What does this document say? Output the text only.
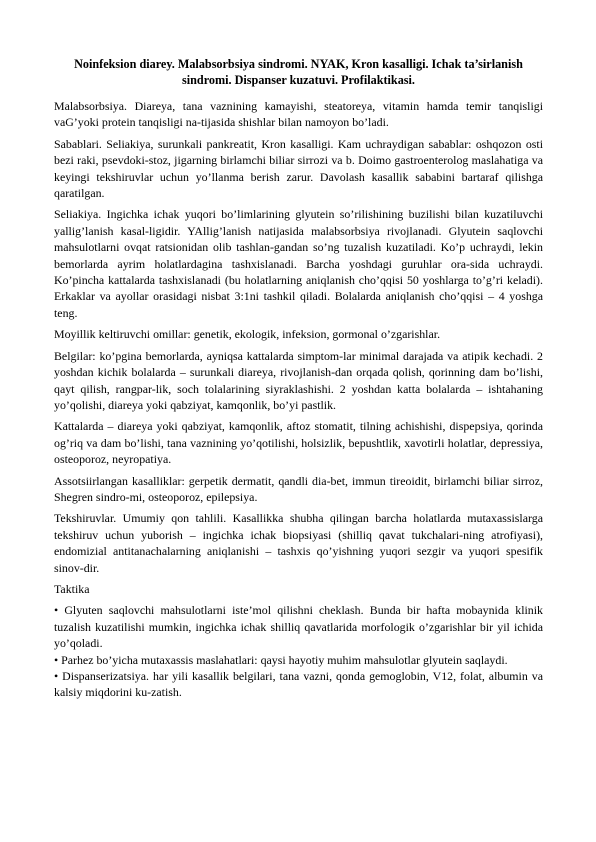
Noinfeksion diarey. Malabsorbsiya sindromi. NYAK, Kron kasalligi. Ichak ta’sirlanish sindromi. Dispanser kuzatuvi. Profilaktikasi.

Malabsorbsiya. Diareya, tana vaznining kamayishi, steatoreya, vitamin hamda temir tanqisligi vaG’yoki protein tanqisligi na-tijasida shishlar bilan namoyon bo’ladi.

Sabablari. Seliakiya, surunkali pankreatit, Kron kasalligi. Kam uchraydigan sabablar: oshqozon osti bezi raki, psevdoki-stoz, jigarning birlamchi biliar sirrozi va b. Doimo gastroenterolog maslahatiga va keyingi tekshiruvlar uchun yo’llanma berish zarur. Davolash kasallik sababini bartaraf qilishga qaratilgan.

Seliakiya. Ingichka ichak yuqori bo’limlarining glyutein so’rilishining buzilishi bilan kuzatiluvchi yallig’lanish kasal-ligidir. YAllig’lanish natijasida malabsorbsiya rivojlanadi. Glyutein saqlovchi mahsulotlarni ovqat ratsionidan olib tashlan-gandan so’ng tuzalish kuzatiladi. Ko’p uchraydi, lekin bemorlarda ayrim holatlardagina tashxislanadi. Barcha yoshdagi guruhlar ora-sida uchraydi. Ko’pincha kattalarda tashxislanadi (bu holatlarning aniqlanish cho’qqisi 50 yoshlarga to’g’ri keladi). Erkaklar va ayollar orasidagi nisbat 3:1ni tashkil qiladi. Bolalarda aniqlanish cho’qqisi – 4 yoshga teng.

Moyillik keltiruvchi omillar: genetik, ekologik, infeksion, gormonal o’zgarishlar.

Belgilar: ko’pgina bemorlarda, ayniqsa kattalarda simptom-lar minimal darajada va atipik kechadi. 2 yoshdan kichik bolalarda – surunkali diareya, rivojlanish-dan orqada qolish, qorinning dam bo’lishi, qayt qilish, rangpar-lik, soch tolalarining siyraklashishi. 2 yoshdan katta bolalarda – ishtahaning yo’qolishi, diareya yoki qabziyat, kamqonlik, bo’yi pastlik.

Kattalarda – diareya yoki qabziyat, kamqonlik, aftoz stomatit, tilning achishishi, dispepsiya, qorinda og’riq va dam bo’lishi, tana vaznining yo’qotilishi, holsizlik, bepushtlik, xavotirli holatlar, depressiya, osteoporoz, neyropatiya.

Assotsiirlangan kasalliklar: gerpetik dermatit, qandli dia-bet, immun tireoidit, birlamchi biliar sirroz, Shegren sindro-mi, osteoporoz, epilepsiya.

Tekshiruvlar. Umumiy qon tahlili. Kasallikka shubha qilingan barcha holatlarda mutaxassislarga tekshiruv uchun yuborish – ingichka ichak biopsiyasi (shilliq qavat tukchalari-ning atrofiyasi), endomizial antitanachalarning aniqlanishi – tashxis qo’yishning yuqori sezgir va yuqori spesifik sinov-dir.

Taktika

• Glyuten saqlovchi mahsulotlarni iste’mol qilishni cheklash. Bunda bir hafta mobaynida klinik tuzalish kuzatilishi mumkin, ingichka ichak shilliq qavatlarida morfologik o’zgarishlar bir yil ichida yo’qoladi.

• Parhez bo’yicha mutaxassis maslahatlari: qaysi hayotiy muhim mahsulotlar glyutein saqlaydi.

• Dispanserizatsiya. har yili kasallik belgilari, tana vazni, qonda gemoglobin, V12, folat, albumin va kalsiy miqdorini ku-zatish.
